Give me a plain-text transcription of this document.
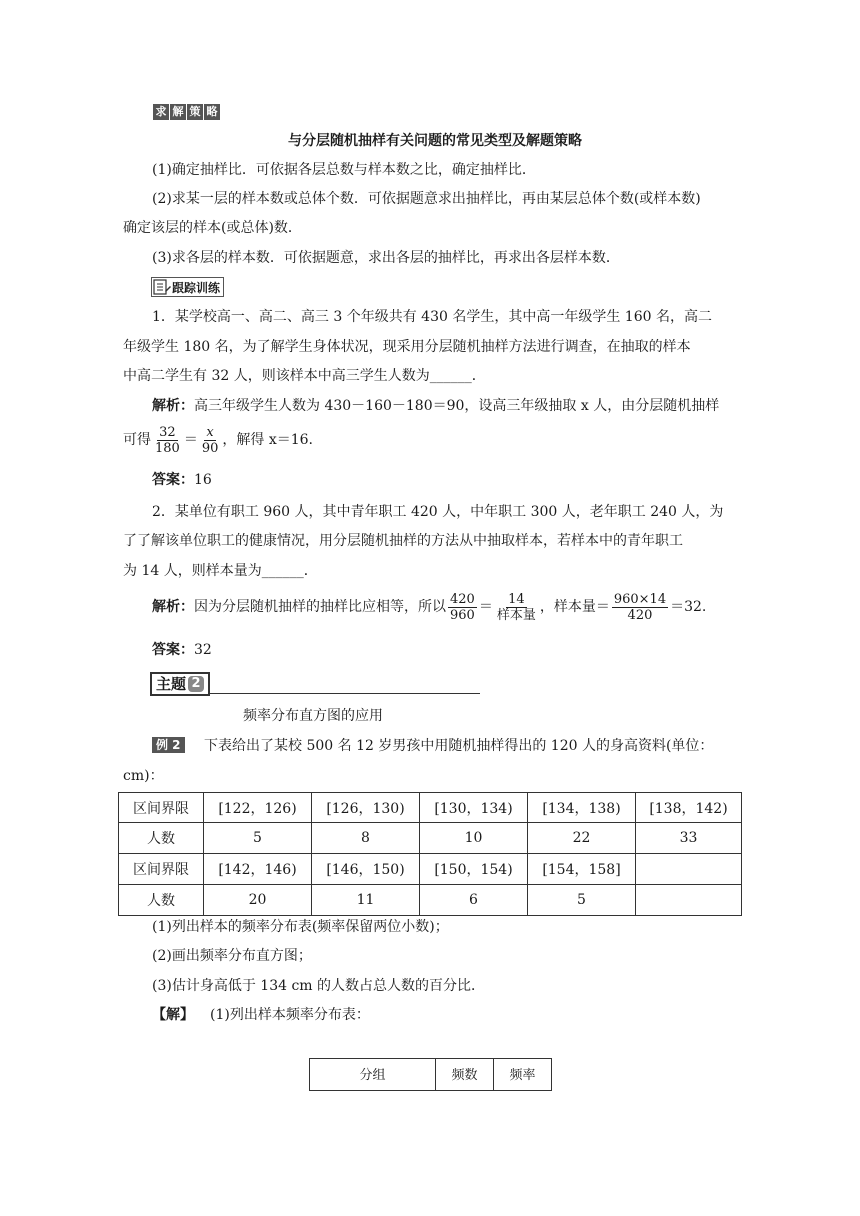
求 解 策 略
与分层随机抽样有关问题的常见类型及解题策略
(1)确定抽样比．可依据各层总数与样本数之比，确定抽样比．
(2)求某一层的样本数或总体个数．可依据题意求出抽样比，再由某层总体个数(或样本数)
确定该层的样本(或总体)数．
(3)求各层的样本数．可依据题意，求出各层的抽样比，再求出各层样本数．
跟 踪 训 练
1．某学校高一、高二、高三 3 个年级共有 430 名学生，其中高一年级学生 160 名，高二
年级学生 180 名，为了解学生身体状况，现采用分层随机抽样方法进行调查，在抽取的样本
中高二学生有 32 人，则该样本中高三学生人数为______．
解析：高三年级学生人数为 430－160－180＝90，设高三年级抽取 x 人，由分层随机抽样
可得 $\frac{32}{180} = \frac{x}{90}$ ，解得 x＝16.
答案：16
2．某单位有职工 960 人，其中青年职工 420 人，中年职工 300 人，老年职工 240 人，为
了了解该单位职工的健康情况，用分层随机抽样的方法从中抽取样本，若样本中的青年职工
为 14 人，则样本量为______．
解析：因为分层随机抽样的抽样比应相等，所以 $\frac{420}{960} = \frac{14}{\text{样本量}}$ ，样本量＝ $\frac{960\times 14}{420} =32$.
答案：32
主题 2
频率分布直方图的应用
例 2 下表给出了某校 500 名 12 岁男孩中用随机抽样得出的 120 人的身高资料(单位：
cm)：
区间界限	[122，126)	[126，130)	[130，134)	[134，138)	[138，142)
人数	5	8	10	22	33
区间界限	[142，146)	[146，150)	[150，154)	[154，158]	
人数	20	11	6	5	
(1)列出样本的频率分布表(频率保留两位小数)；
(2)画出频率分布直方图；
(3)估计身高低于 134 cm 的人数占总人数的百分比．
【解】 (1)列出样本频率分布表：
分组	频数	频率
